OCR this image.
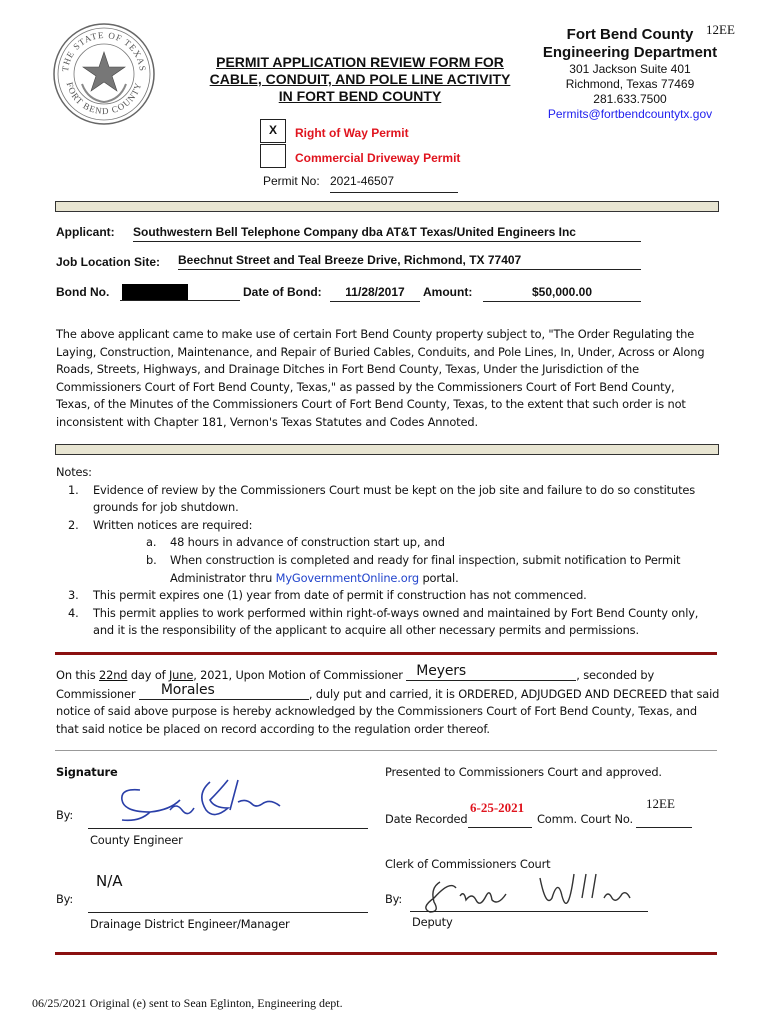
THE STATE OF TEXAS
FORT BEND COUNTY
PERMIT APPLICATION REVIEW FORM FOR
CABLE, CONDUIT, AND POLE LINE ACTIVITY
IN FORT BEND COUNTY
Fort Bend County
Engineering Department
301 Jackson Suite 401
Richmond, Texas 77469
281.633.7500
Permits@fortbendcountytx.gov
12EE
X	Right of Way Permit
Commercial Driveway Permit
Permit No: 2021-46507
Applicant: Southwestern Bell Telephone Company dba AT&T Texas/United Engineers Inc
Job Location Site: Beechnut Street and Teal Breeze Drive, Richmond, TX 77407
Bond No.	Date of Bond:	11/28/2017	Amount:	$50,000.00
The above applicant came to make use of certain Fort Bend County property subject to, "The Order Regulating the
Laying, Construction, Maintenance, and Repair of Buried Cables, Conduits, and Pole Lines, In, Under, Across or Along
Roads, Streets, Highways, and Drainage Ditches in Fort Bend County, Texas, Under the Jurisdiction of the
Commissioners Court of Fort Bend County, Texas," as passed by the Commissioners Court of Fort Bend County,
Texas, of the Minutes of the Commissioners Court of Fort Bend County, Texas, to the extent that such order is not
inconsistent with Chapter 181, Vernon's Texas Statutes and Codes Annoted.
Notes:
1. Evidence of review by the Commissioners Court must be kept on the job site and failure to do so constitutes
grounds for job shutdown.
2. Written notices are required:
a. 48 hours in advance of construction start up, and
b. When construction is completed and ready for final inspection, submit notification to Permit
Administrator thru MyGovernmentOnline.org portal.
3. This permit expires one (1) year from date of permit if construction has not commenced.
4. This permit applies to work performed within right-of-ways owned and maintained by Fort Bend County only,
and it is the responsibility of the applicant to acquire all other necessary permits and permissions.
On this 22nd day of June, 2021, Upon Motion of Commissioner Meyers	, seconded by
Commissioner Morales	, duly put and carried, it is ORDERED, ADJUDGED AND DECREED that said
notice of said above purpose is hereby acknowledged by the Commissioners Court of Fort Bend County, Texas, and
that said notice be placed on record according to the regulation order thereof.
Signature
By:
County Engineer
N/A
By:
Drainage District Engineer/Manager
Presented to Commissioners Court and approved.
Date Recorded
6-25-2021
Comm. Court No.
12EE
Clerk of Commissioners Court
By:
Deputy
06/25/2021 Original (e) sent to Sean Eglinton, Engineering dept.
